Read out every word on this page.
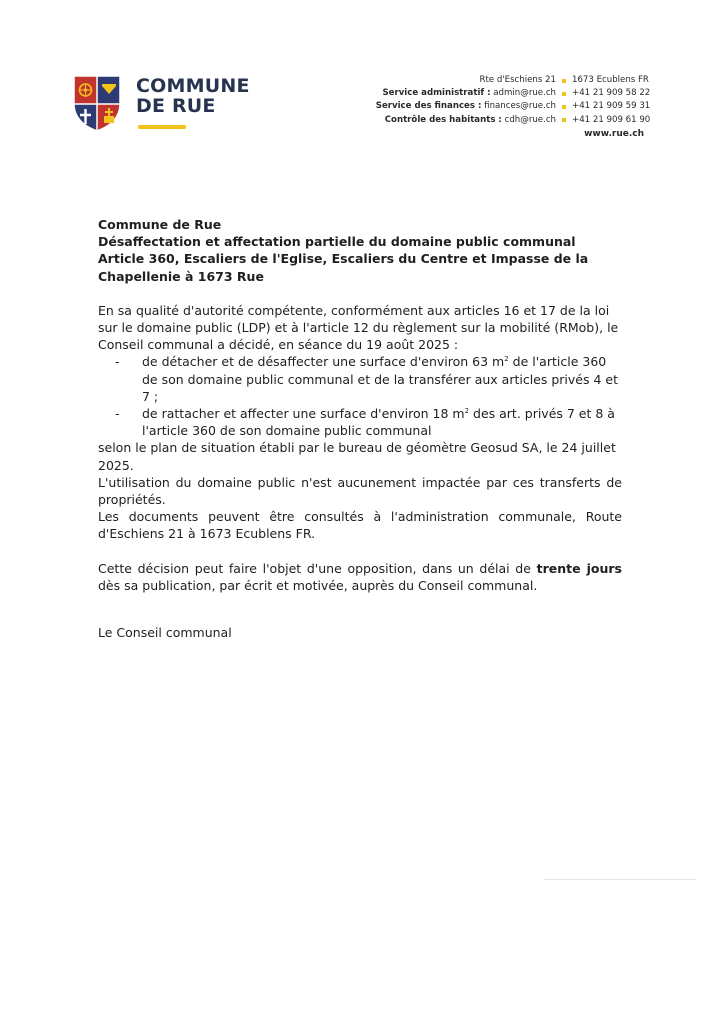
COMMUNE
DE RUE
Rte d'Eschiens 21 1673 Ecublens FR
Service administratif : admin@rue.ch +41 21 909 58 22
Service des finances : finances@rue.ch +41 21 909 59 31
Contrôle des habitants : cdh@rue.ch +41 21 909 61 90
www.rue.ch
Commune de Rue
Désaffectation et affectation partielle du domaine public communal
Article 360, Escaliers de l'Eglise, Escaliers du Centre et Impasse de la
Chapellenie à 1673 Rue
En sa qualité d'autorité compétente, conformément aux articles 16 et 17 de la loi sur le domaine public (LDP) et à l'article 12 du règlement sur la mobilité (RMob), le Conseil communal a décidé, en séance du 19 août 2025 :
-	de détacher et de désaffecter une surface d'environ 63 $m^2$ de l'article 360 de son domaine public communal et de la transférer aux articles privés 4 et 7 ;
-	de rattacher et affecter une surface d'environ 18 $m^2$ des art. privés 7 et 8 à l'article 360 de son domaine public communal
selon le plan de situation établi par le bureau de géomètre Geosud SA, le 24 juillet 2025.
L'utilisation du domaine public n'est aucunement impactée par ces transferts de propriétés.
Les documents peuvent être consultés à l'administration communale, Route d'Eschiens 21 à 1673 Ecublens FR.
Cette décision peut faire l'objet d'une opposition, dans un délai de trente jours dès sa publication, par écrit et motivée, auprès du Conseil communal.
Le Conseil communal
